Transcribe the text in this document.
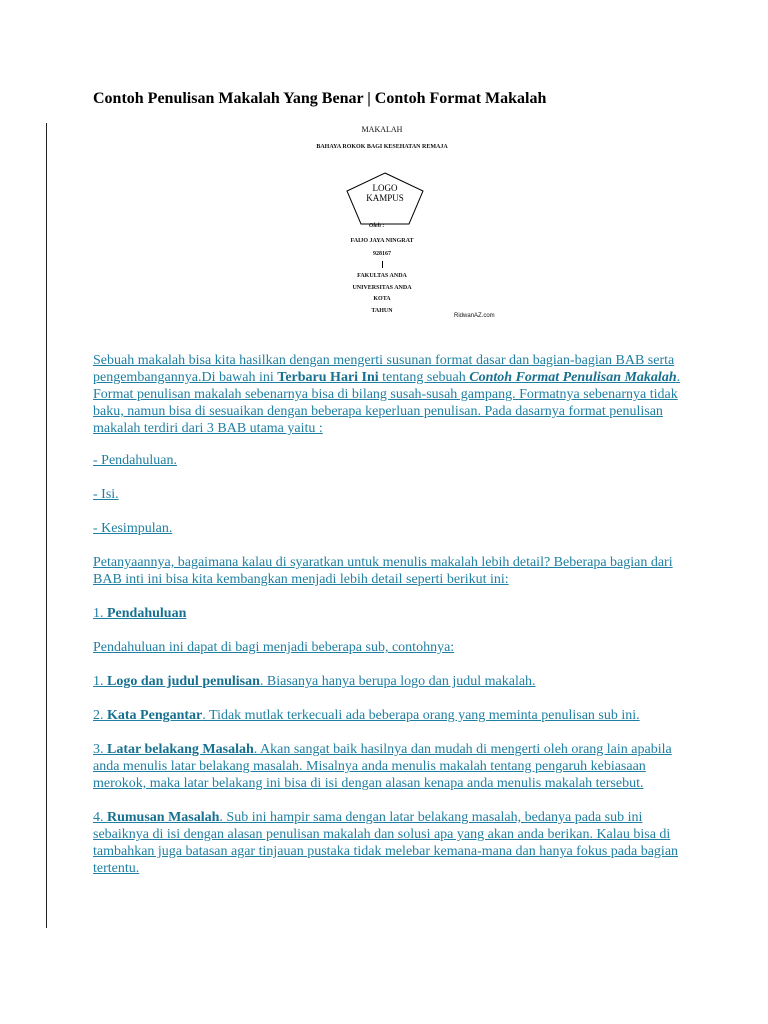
Contoh Penulisan Makalah Yang Benar | Contoh Format Makalah
MAKALAH
BAHAYA ROKOK BAGI KESEHATAN REMAJA
LOGO
KAMPUS
Oleh :
FAIJO JAYA NINGRAT
928167
FAKULTAS ANDA
UNIVERSITAS ANDA
KOTA
TAHUN
RidwanAZ.com

Sebuah makalah bisa kita hasilkan dengan mengerti susunan format dasar dan bagian-bagian BAB serta pengembangannya.Di bawah ini Terbaru Hari Ini tentang sebuah Contoh Format Penulisan Makalah.

Format penulisan makalah sebenarnya bisa di bilang susah-susah gampang. Formatnya sebenarnya tidak baku, namun bisa di sesuaikan dengan beberapa keperluan penulisan. Pada dasarnya format penulisan makalah terdiri dari 3 BAB utama yaitu :

- Pendahuluan.

- Isi.

- Kesimpulan.

Petanyaannya, bagaimana kalau di syaratkan untuk menulis makalah lebih detail? Beberapa bagian dari BAB inti ini bisa kita kembangkan menjadi lebih detail seperti berikut ini:

1. Pendahuluan

Pendahuluan ini dapat di bagi menjadi beberapa sub, contohnya:

1. Logo dan judul penulisan. Biasanya hanya berupa logo dan judul makalah.

2. Kata Pengantar. Tidak mutlak terkecuali ada beberapa orang yang meminta penulisan sub ini.

3. Latar belakang Masalah. Akan sangat baik hasilnya dan mudah di mengerti oleh orang lain apabila anda menulis latar belakang masalah. Misalnya anda menulis makalah tentang pengaruh kebiasaan merokok, maka latar belakang ini bisa di isi dengan alasan kenapa anda menulis makalah tersebut.

4. Rumusan Masalah. Sub ini hampir sama dengan latar belakang masalah, bedanya pada sub ini sebaiknya di isi dengan alasan penulisan makalah dan solusi apa yang akan anda berikan. Kalau bisa di tambahkan juga batasan agar tinjauan pustaka tidak melebar kemana-mana dan hanya fokus pada bagian tertentu.
